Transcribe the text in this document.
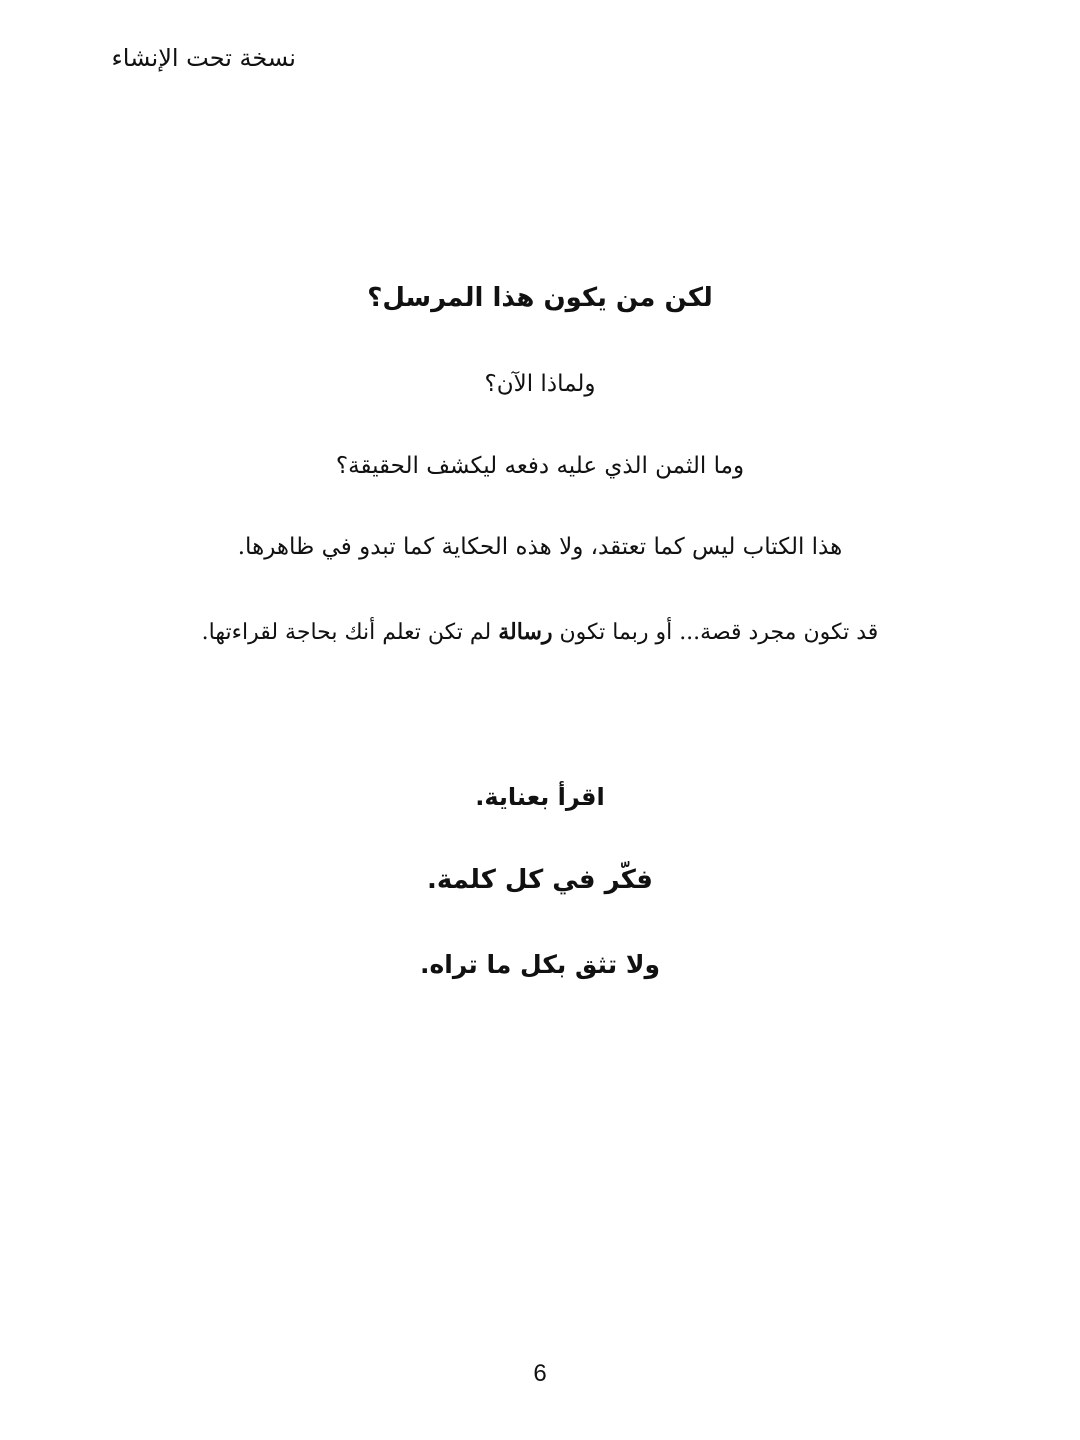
نسخة تحت الإنشاء
لكن من يكون هذا المرسل؟
ولماذا الآن؟
وما الثمن الذي عليه دفعه ليكشف الحقيقة؟
هذا الكتاب ليس كما تعتقد، ولا هذه الحكاية كما تبدو في ظاهرها.
قد تكون مجرد قصة... أو ربما تكون رسالة لم تكن تعلم أنك بحاجة لقراءتها.
اقرأ بعناية.
فكّر في كل كلمة.
ولا تثق بكل ما تراه.
6
